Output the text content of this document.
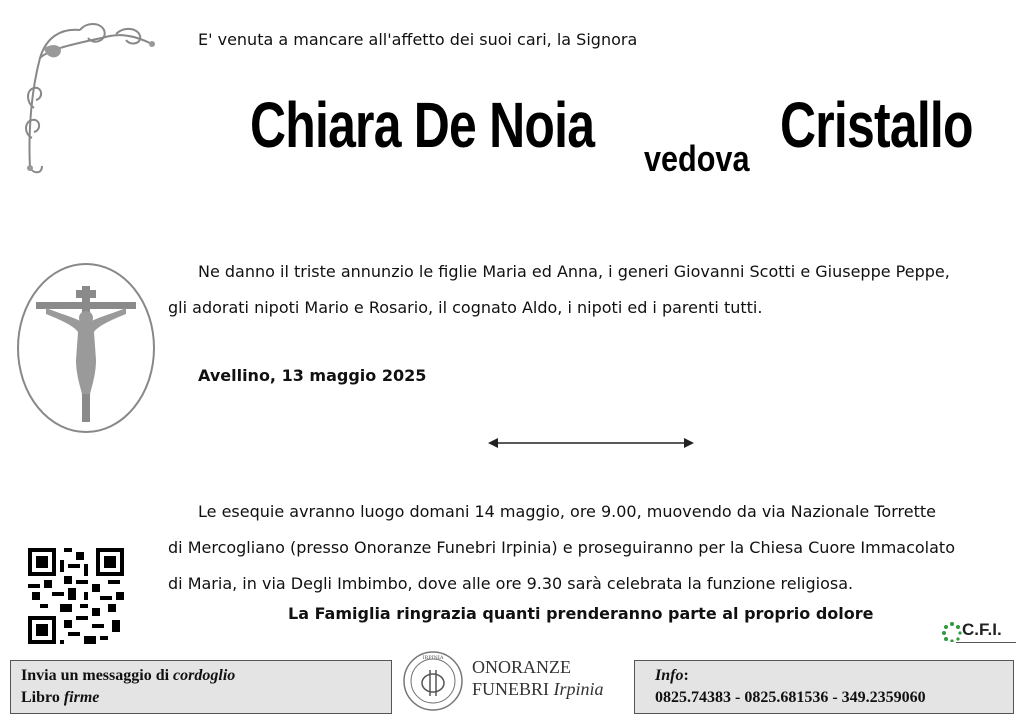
E' venuta a mancare all'affetto dei suoi cari, la Signora
Chiara De Noia vedova Cristallo
Ne danno il triste annunzio le figlie Maria ed Anna, i generi Giovanni Scotti e Giuseppe Peppe,
gli adorati nipoti Mario e Rosario, il cognato Aldo, i nipoti ed i parenti tutti.
Avellino, 13 maggio 2025
Le esequie avranno luogo domani 14 maggio, ore 9.00, muovendo da via Nazionale Torrette
di Mercogliano (presso Onoranze Funebri Irpinia) e proseguiranno per la Chiesa Cuore Immacolato
di Maria, in via Degli Imbimbo, dove alle ore 9.30 sarà celebrata la funzione religiosa.
La Famiglia ringrazia quanti prenderanno parte al proprio dolore
C.F.I.
Invia un messaggio di cordoglio
Libro firme
IRPINIA ONORANZE
FUNEBRI Irpinia
Info:
0825.74383 - 0825.681536 - 349.2359060
